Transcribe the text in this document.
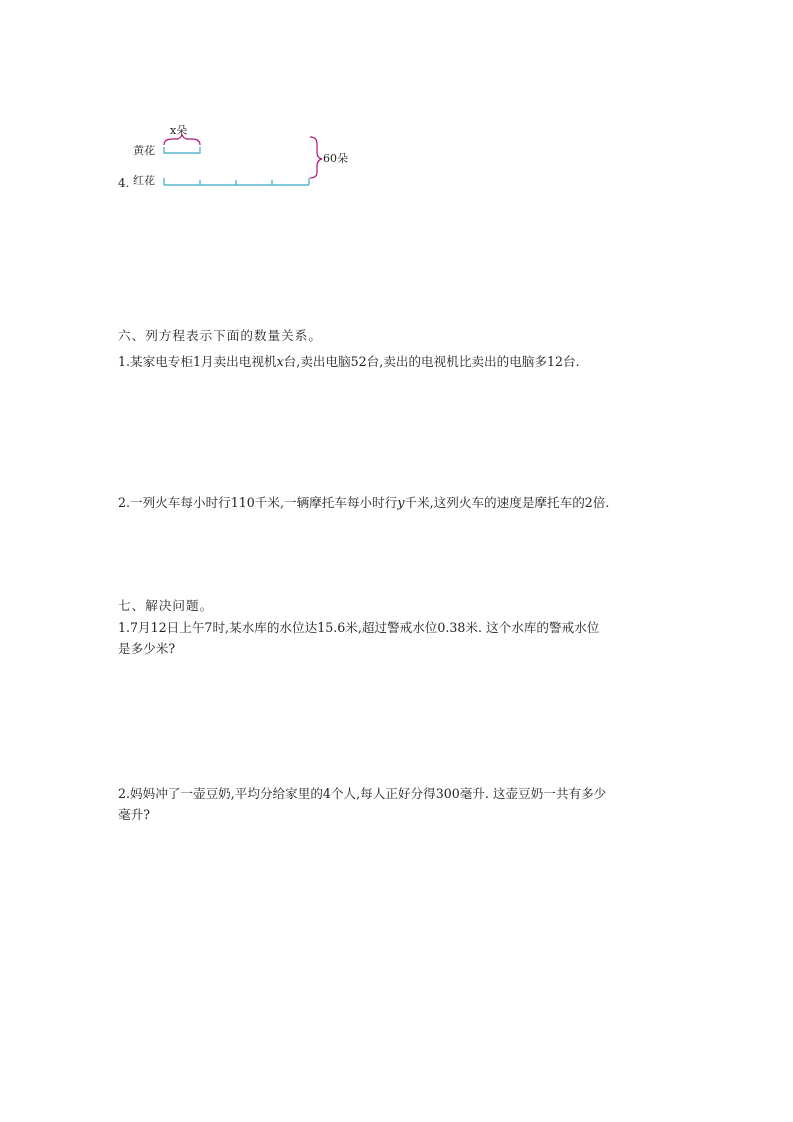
x朵
黄花
4. 红花
60朵
六、列方程表示下面的数量关系。
1.某家电专柜1月卖出电视机x台,卖出电脑52台,卖出的电视机比卖出的电脑多12台.
2.一列火车每小时行110千米,一辆摩托车每小时行y千米,这列火车的速度是摩托车的2倍.
七、解决问题。
1.7月12日上午7时,某水库的水位达15.6米,超过警戒水位0.38米. 这个水库的警戒水位
是多少米?
2.妈妈冲了一壶豆奶,平均分给家里的4个人,每人正好分得300毫升. 这壶豆奶一共有多少
毫升?
